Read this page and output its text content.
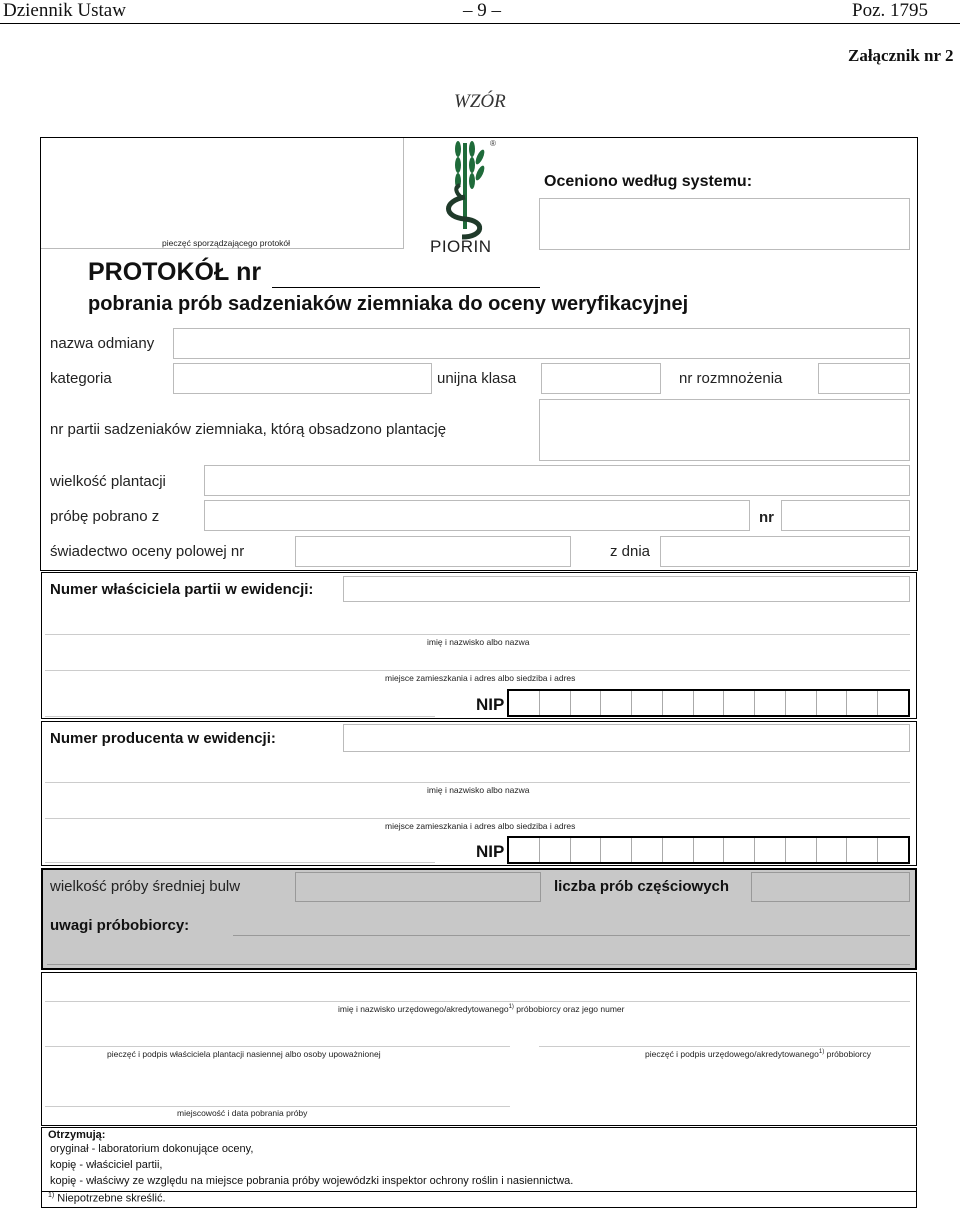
Dziennik Ustaw	– 9 –	Poz. 1795
Załącznik nr 2
WZÓR
pieczęć sporządzającego protokół
®
PIORIN
Oceniono według systemu:
PROTOKÓŁ nr
pobrania prób sadzeniaków ziemniaka do oceny weryfikacyjnej
nazwa odmiany
kategoria	unijna klasa	nr rozmnożenia
nr partii sadzeniaków ziemniaka, którą obsadzono plantację
wielkość plantacji
próbę pobrano z	nr
świadectwo oceny polowej nr	z dnia
Numer właściciela partii w ewidencji:
imię i nazwisko albo nazwa
miejsce zamieszkania i adres albo siedziba i adres
NIP
Numer producenta w ewidencji:
imię i nazwisko albo nazwa
miejsce zamieszkania i adres albo siedziba i adres
NIP
wielkość próby średniej bulw	liczba prób częściowych
uwagi próbobiorcy:
imię i nazwisko urzędowego/akredytowanego$^{1)}$ próbobiorcy oraz jego numer
pieczęć i podpis właściciela plantacji nasiennej albo osoby upoważnionej	pieczęć i podpis urzędowego/akredytowanego$^{1)}$ próbobiorcy
miejscowość i data pobrania próby
Otrzymują:
oryginał - laboratorium dokonujące oceny,
kopię - właściciel partii,
kopię - właściwy ze względu na miejsce pobrania próby wojewódzki inspektor ochrony roślin i nasiennictwa.
$^{1)}$ Niepotrzebne skreślić.
